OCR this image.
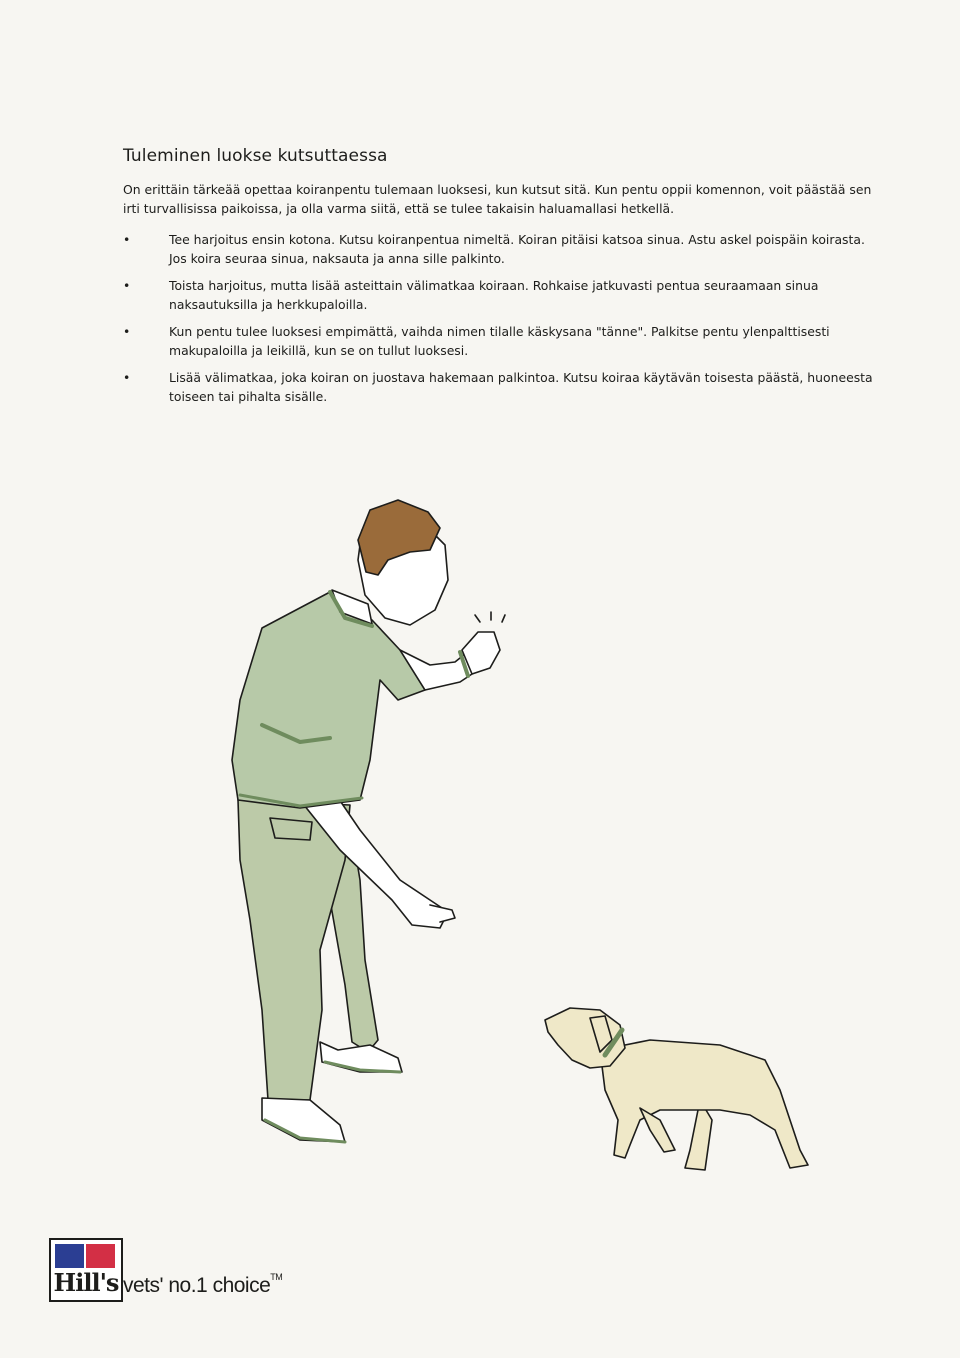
Tuleminen luokse kutsuttaessa

On erittäin tärkeää opettaa koiranpentu tulemaan luoksesi, kun kutsut sitä. Kun pentu oppii komennon, voit päästää sen irti turvallisissa paikoissa, ja olla varma siitä, että se tulee takaisin haluamallasi hetkellä.

•	Tee harjoitus ensin kotona. Kutsu koiranpentua nimeltä. Koiran pitäisi katsoa sinua. Astu askel poispäin koirasta. Jos koira seuraa sinua, naksauta ja anna sille palkinto.
•	Toista harjoitus, mutta lisää asteittain välimatkaa koiraan. Rohkaise jatkuvasti pentua seuraamaan sinua naksautuksilla ja herkkupaloilla.
•	Kun pentu tulee luoksesi empimättä, vaihda nimen tilalle käskysana "tänne". Palkitse pentu ylenpalttisesti makupaloilla ja leikillä, kun se on tullut luoksesi.
•	Lisää välimatkaa, joka koiran on juostava hakemaan palkintoa. Kutsu koiraa käytävän toisesta päästä, huoneesta toiseen tai pihalta sisälle.
Hill's vets' no.1 choice™
